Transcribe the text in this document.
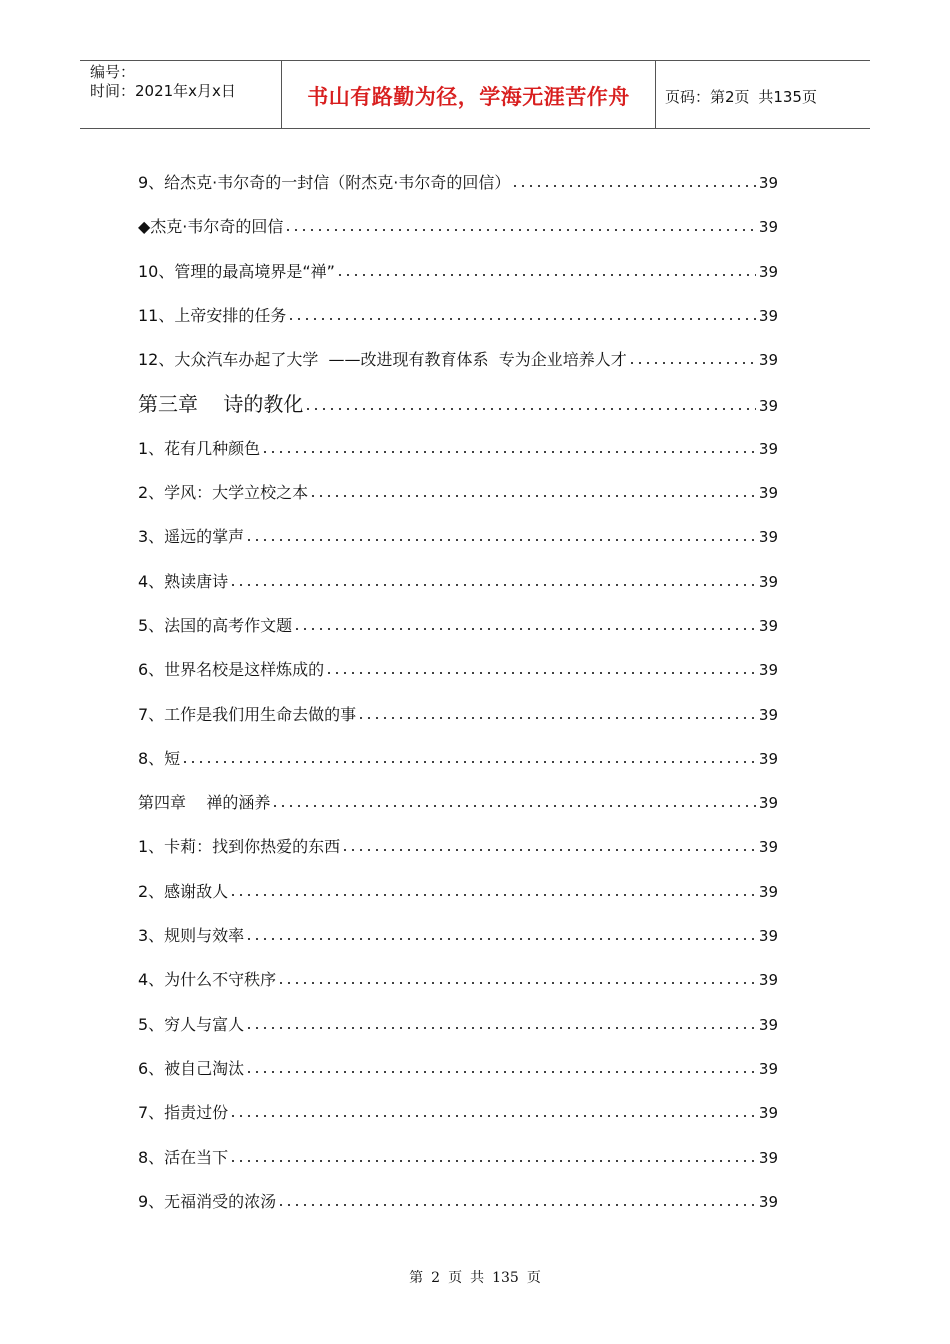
编号：
时间：2021年x月x日	书山有路勤为径，学海无涯苦作舟	页码：第2页 共135页
9、给杰克·韦尔奇的一封信（附杰克·韦尔奇的回信）	39
◆杰克·韦尔奇的回信	39
10、管理的最高境界是“禅”	39
11、上帝安排的任务	39
12、大众汽车办起了大学  ——改进现有教育体系  专为企业培养人才	39
第三章    诗的教化	39
1、花有几种颜色	39
2、学风：大学立校之本	39
3、遥远的掌声	39
4、熟读唐诗	39
5、法国的高考作文题	39
6、世界名校是这样炼成的	39
7、工作是我们用生命去做的事	39
8、短	39
第四章    禅的涵养	39
1、卡莉：找到你热爱的东西	39
2、感谢敌人	39
3、规则与效率	39
4、为什么不守秩序	39
5、穷人与富人	39
6、被自己淘汰	39
7、指责过份	39
8、活在当下	39
9、无福消受的浓汤	39
第 2 页 共 135 页
